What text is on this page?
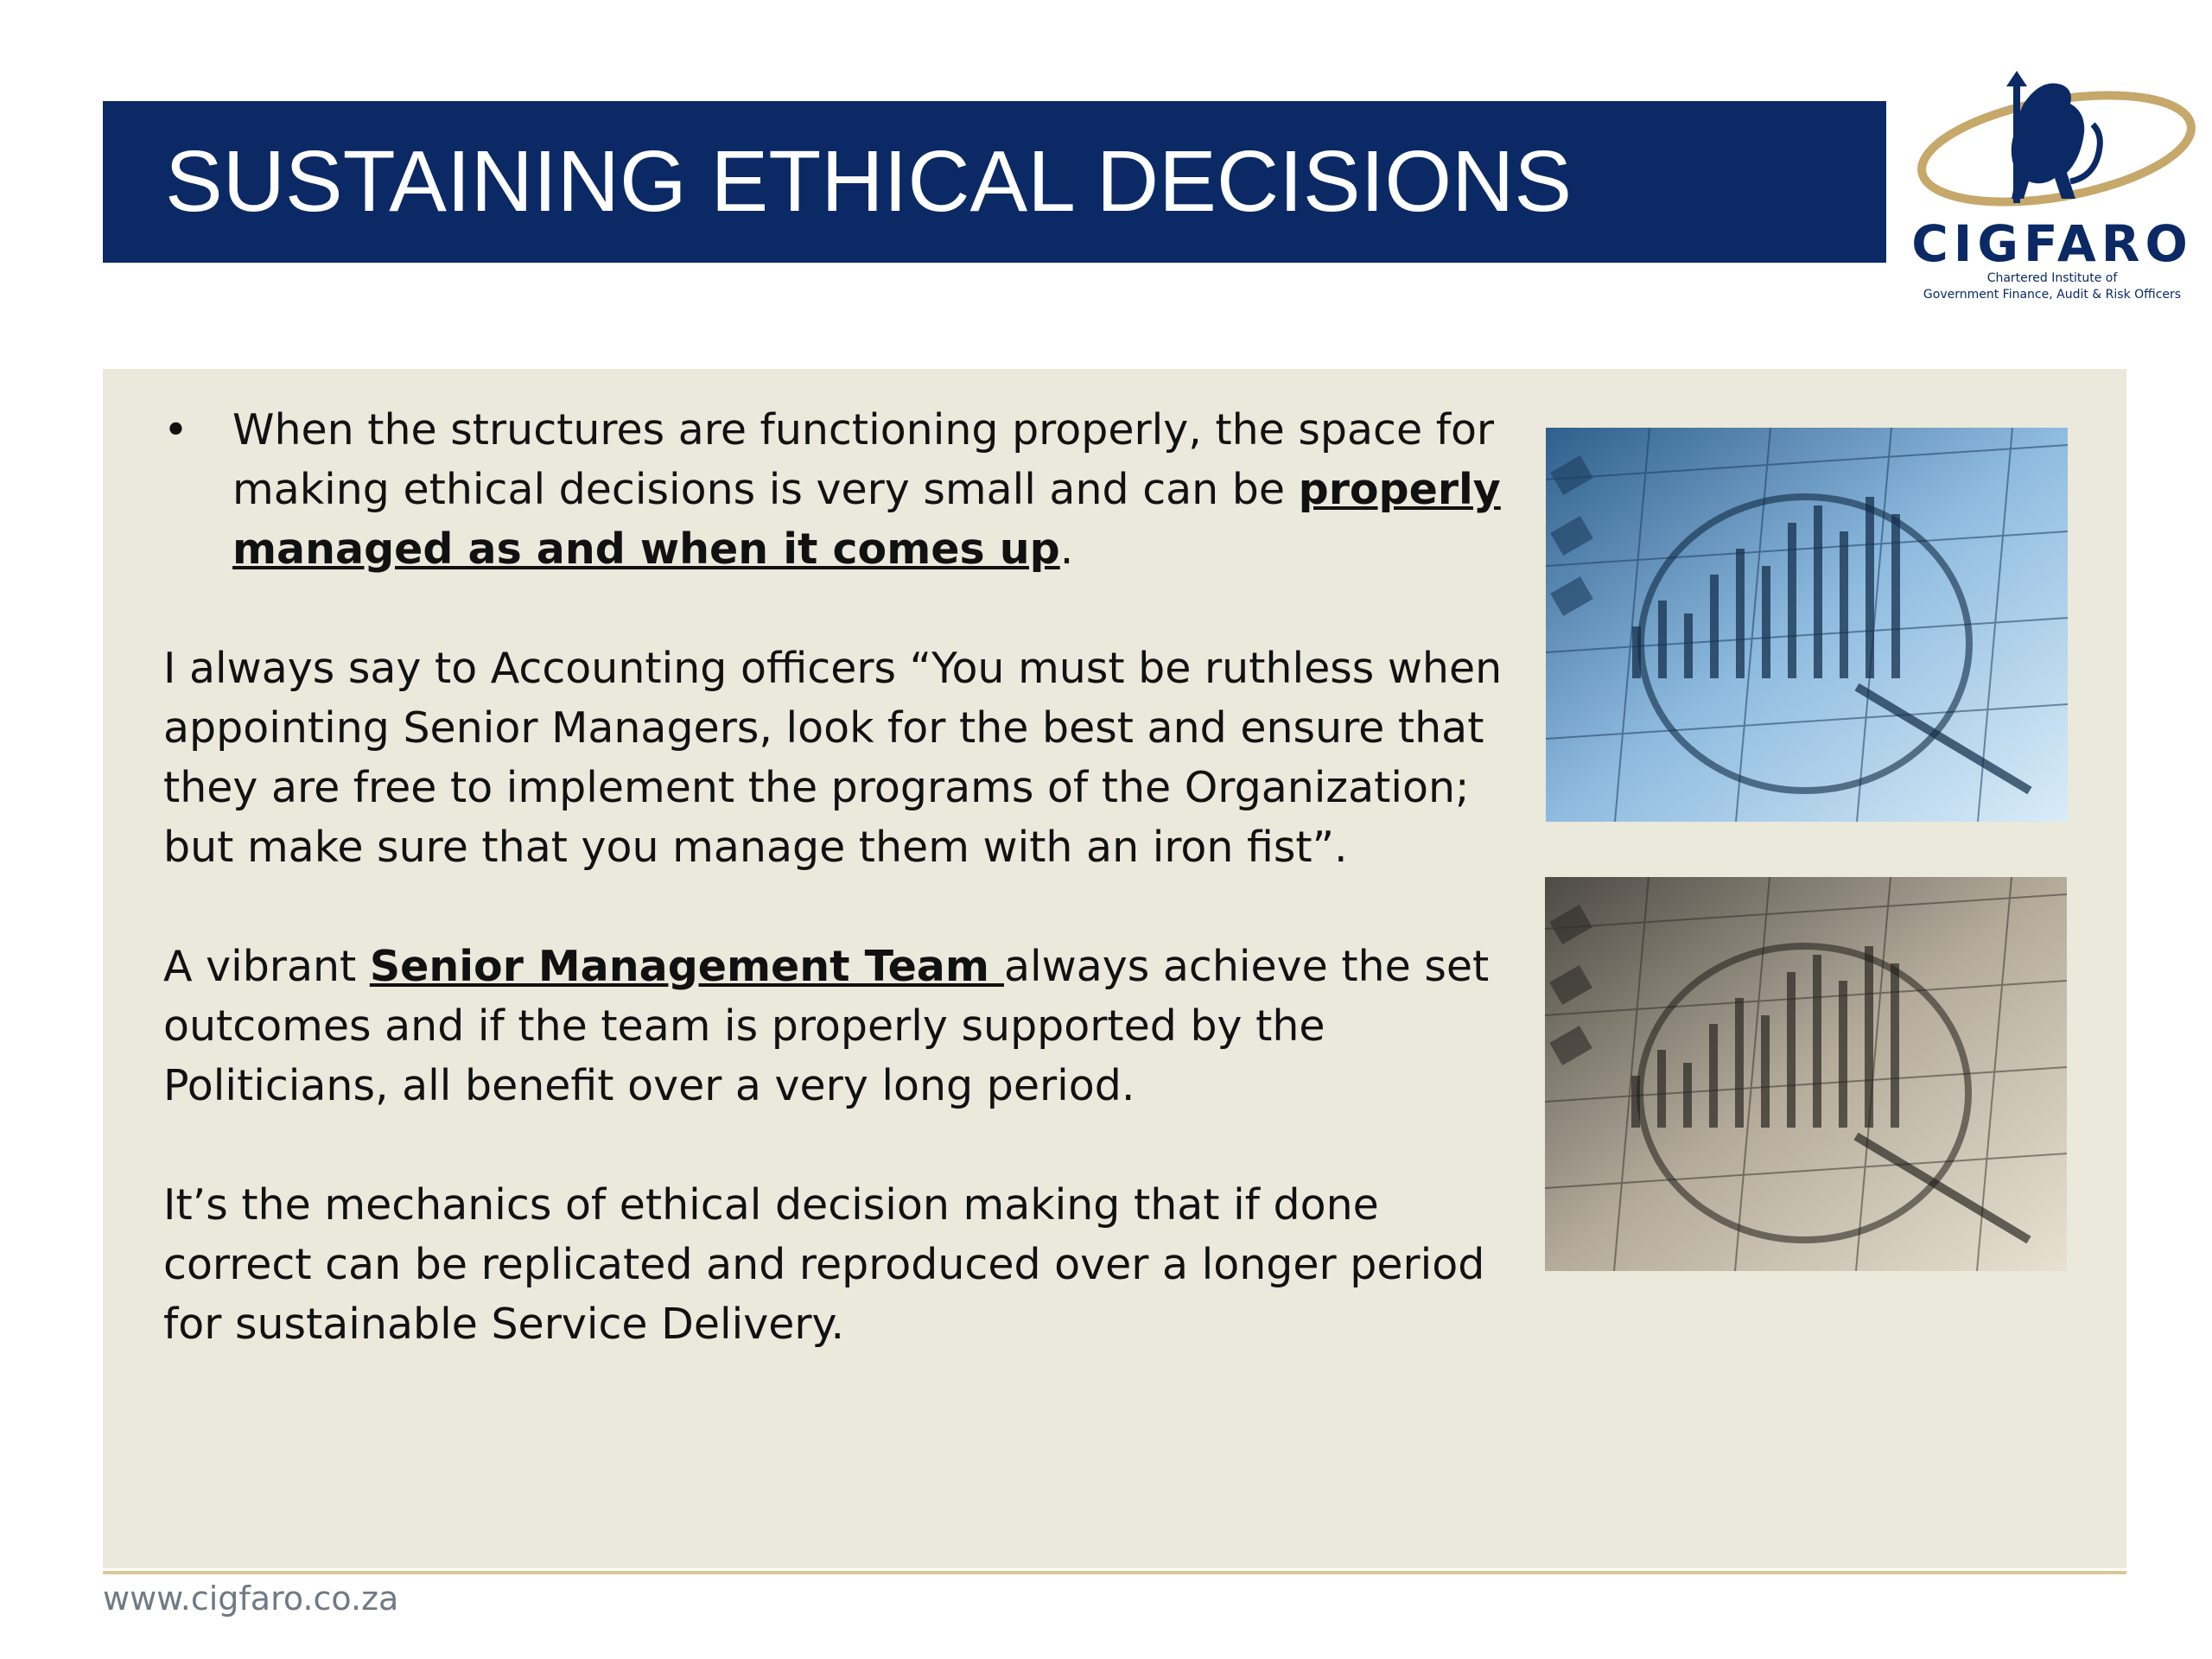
SUSTAINING ETHICAL DECISIONS
CIGFARO
Chartered Institute of
Government Finance, Audit & Risk Officers

• When the structures are functioning properly, the space for making ethical decisions is very small and can be properly managed as and when it comes up.

I always say to Accounting officers “You must be ruthless when appointing Senior Managers, look for the best and ensure that they are free to implement the programs of the Organization; but make sure that you manage them with an iron fist”.

A vibrant Senior Management Team always achieve the set outcomes and if the team is properly supported by the Politicians, all benefit over a very long period.

It’s the mechanics of ethical decision making that if done correct can be replicated and reproduced over a longer period for sustainable Service Delivery.

www.cigfaro.co.za
